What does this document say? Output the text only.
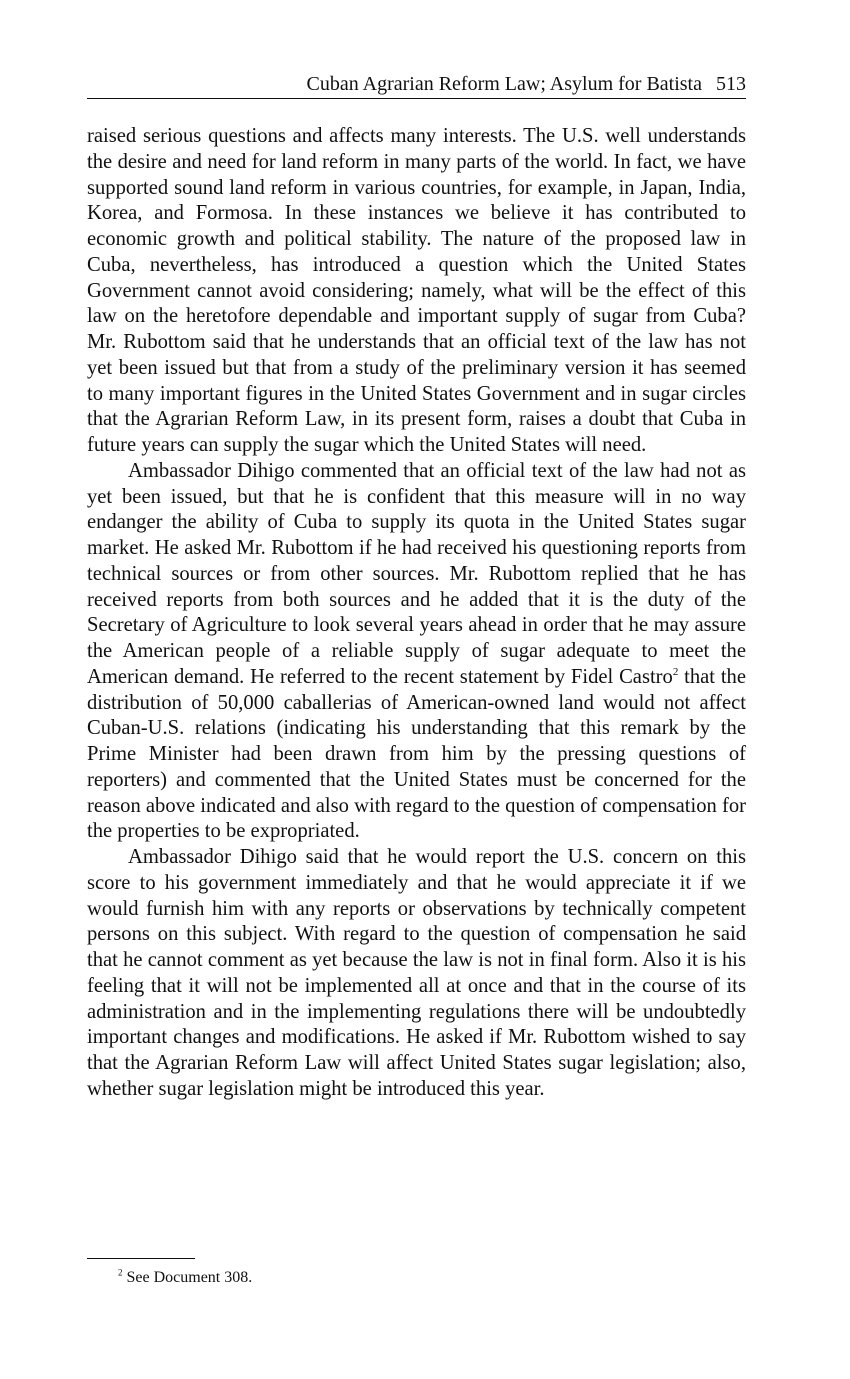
Cuban Agrarian Reform Law; Asylum for Batista 513

raised serious questions and affects many interests. The U.S. well understands the desire and need for land reform in many parts of the world. In fact, we have supported sound land reform in various countries, for example, in Japan, India, Korea, and Formosa. In these instances we believe it has contributed to economic growth and political stability. The nature of the proposed law in Cuba, nevertheless, has introduced a question which the United States Government cannot avoid considering; namely, what will be the effect of this law on the heretofore dependable and important supply of sugar from Cuba? Mr. Rubottom said that he understands that an official text of the law has not yet been issued but that from a study of the preliminary version it has seemed to many important figures in the United States Government and in sugar circles that the Agrarian Reform Law, in its present form, raises a doubt that Cuba in future years can supply the sugar which the United States will need.

Ambassador Dihigo commented that an official text of the law had not as yet been issued, but that he is confident that this measure will in no way endanger the ability of Cuba to supply its quota in the United States sugar market. He asked Mr. Rubottom if he had received his questioning reports from technical sources or from other sources. Mr. Rubottom replied that he has received reports from both sources and he added that it is the duty of the Secretary of Agriculture to look several years ahead in order that he may assure the American people of a reliable supply of sugar adequate to meet the American demand. He referred to the recent statement by Fidel Castro$^2$ that the distribution of 50,000 caballerias of American-owned land would not affect Cuban-U.S. relations (indicating his understanding that this remark by the Prime Minister had been drawn from him by the pressing questions of reporters) and commented that the United States must be concerned for the reason above indicated and also with regard to the question of compensation for the properties to be expropriated.

Ambassador Dihigo said that he would report the U.S. concern on this score to his government immediately and that he would appreciate it if we would furnish him with any reports or observations by technically competent persons on this subject. With regard to the question of compensation he said that he cannot comment as yet because the law is not in final form. Also it is his feeling that it will not be implemented all at once and that in the course of its administration and in the implementing regulations there will be undoubtedly important changes and modifications. He asked if Mr. Rubottom wished to say that the Agrarian Reform Law will affect United States sugar legislation; also, whether sugar legislation might be introduced this year.

$^2$ See Document 308.
